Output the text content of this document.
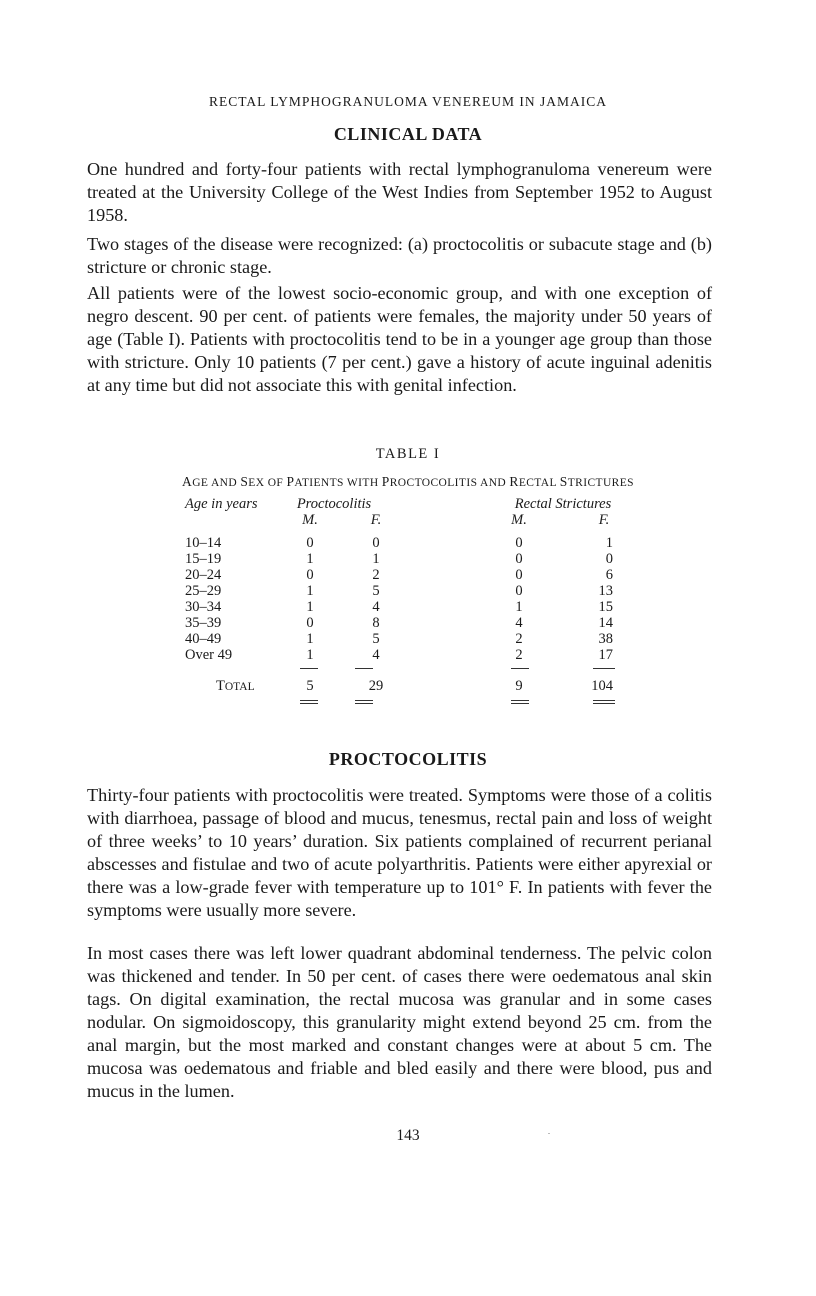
RECTAL LYMPHOGRANULOMA VENEREUM IN JAMAICA
CLINICAL DATA

One hundred and forty-four patients with rectal lymphogranuloma venereum were treated at the University College of the West Indies from September 1952 to August 1958.

Two stages of the disease were recognized: (a) proctocolitis or subacute stage and (b) stricture or chronic stage.

All patients were of the lowest socio-economic group, and with one exception of negro descent. 90 per cent. of patients were females, the majority under 50 years of age (Table I). Patients with proctocolitis tend to be in a younger age group than those with stricture. Only 10 patients (7 per cent.) gave a history of acute inguinal adenitis at any time but did not associate this with genital infection.

TABLE I
AGE AND SEX OF PATIENTS WITH PROCTOCOLITIS AND RECTAL STRICTURES
Age in years	Proctocolitis	Rectal Strictures
M.	F.	M.	F.
10–14	0	0	0	1
15–19	1	1	0	0
20–24	0	2	0	6
25–29	1	5	0	13
30–34	1	4	1	15
35–39	0	8	4	14
40–49	1	5	2	38
Over 49	1	4	2	17
TOTAL	5	29	9	104
PROCTOCOLITIS

Thirty-four patients with proctocolitis were treated. Symptoms were those of a colitis with diarrhoea, passage of blood and mucus, tenesmus, rectal pain and loss of weight of three weeks’ to 10 years’ duration. Six patients complained of recurrent perianal abscesses and fistulae and two of acute polyarthritis. Patients were either apyrexial or there was a low-grade fever with temperature up to 101° F. In patients with fever the symptoms were usually more severe.

In most cases there was left lower quadrant abdominal tenderness. The pelvic colon was thickened and tender. In 50 per cent. of cases there were oedematous anal skin tags. On digital examination, the rectal mucosa was granular and in some cases nodular. On sigmoidoscopy, this granularity might extend beyond 25 cm. from the anal margin, but the most marked and constant changes were at about 5 cm. The mucosa was oedematous and friable and bled easily and there were blood, pus and mucus in the lumen.

143
